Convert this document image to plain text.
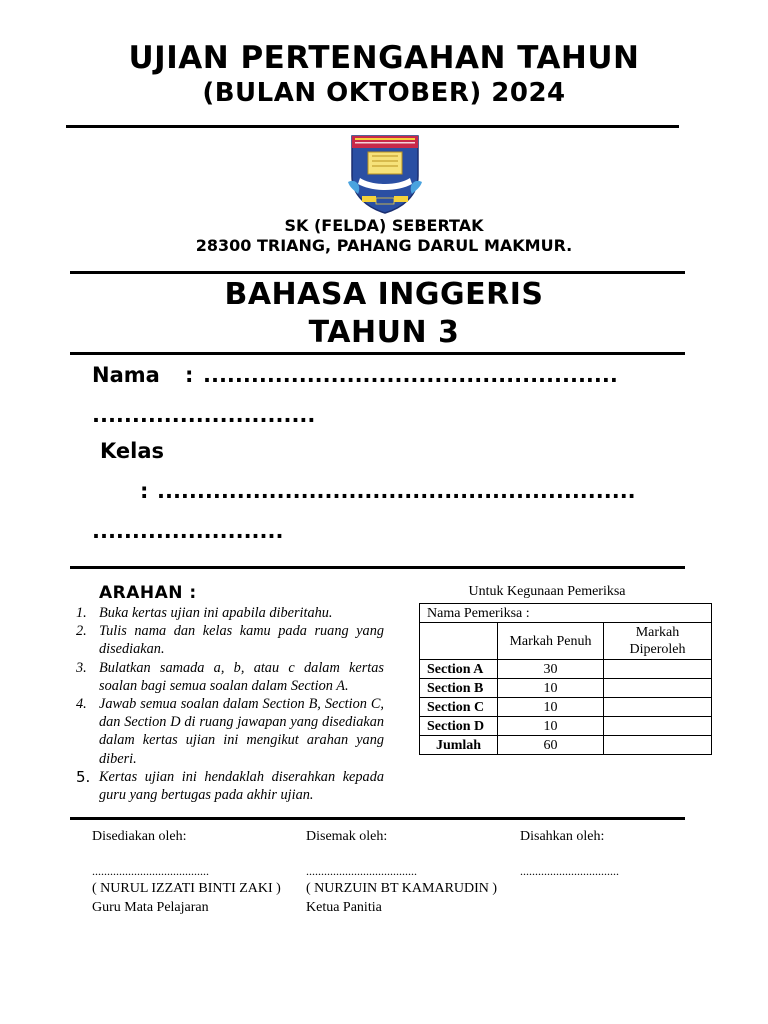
UJIAN PERTENGAHAN TAHUN
(BULAN OKTOBER) 2024
SK (FELDA) SEBERTAK
28300 TRIANG, PAHANG DARUL MAKMUR.
BAHASA INGGERIS
TAHUN 3
Nama : ....................................................
............................
Kelas
: ............................................................
........................
ARAHAN :
1. Buka kertas ujian ini apabila diberitahu.
2. Tulis nama dan kelas kamu pada ruang yang disediakan.
3. Bulatkan samada a, b, atau c dalam kertas soalan bagi semua soalan dalam Section A.
4. Jawab semua soalan dalam Section B, Section C, dan Section D di ruang jawapan yang disediakan dalam kertas ujian ini mengikut arahan yang diberi.
5. Kertas ujian ini hendaklah diserahkan kepada guru yang bertugas pada akhir ujian.
Untuk Kegunaan Pemeriksa
Nama Pemeriksa :		
	Markah Penuh	Markah Diperoleh
Section A	30	
Section B	10	
Section C	10	
Section D	10	
Jumlah	60	
Disediakan oleh:	Disemak oleh:	Disahkan oleh:
.......................................	.....................................	.................................
( NURUL IZZATI BINTI ZAKI ) ( NURZUIN BT KAMARUDIN )
Guru Mata Pelajaran	Ketua Panitia
